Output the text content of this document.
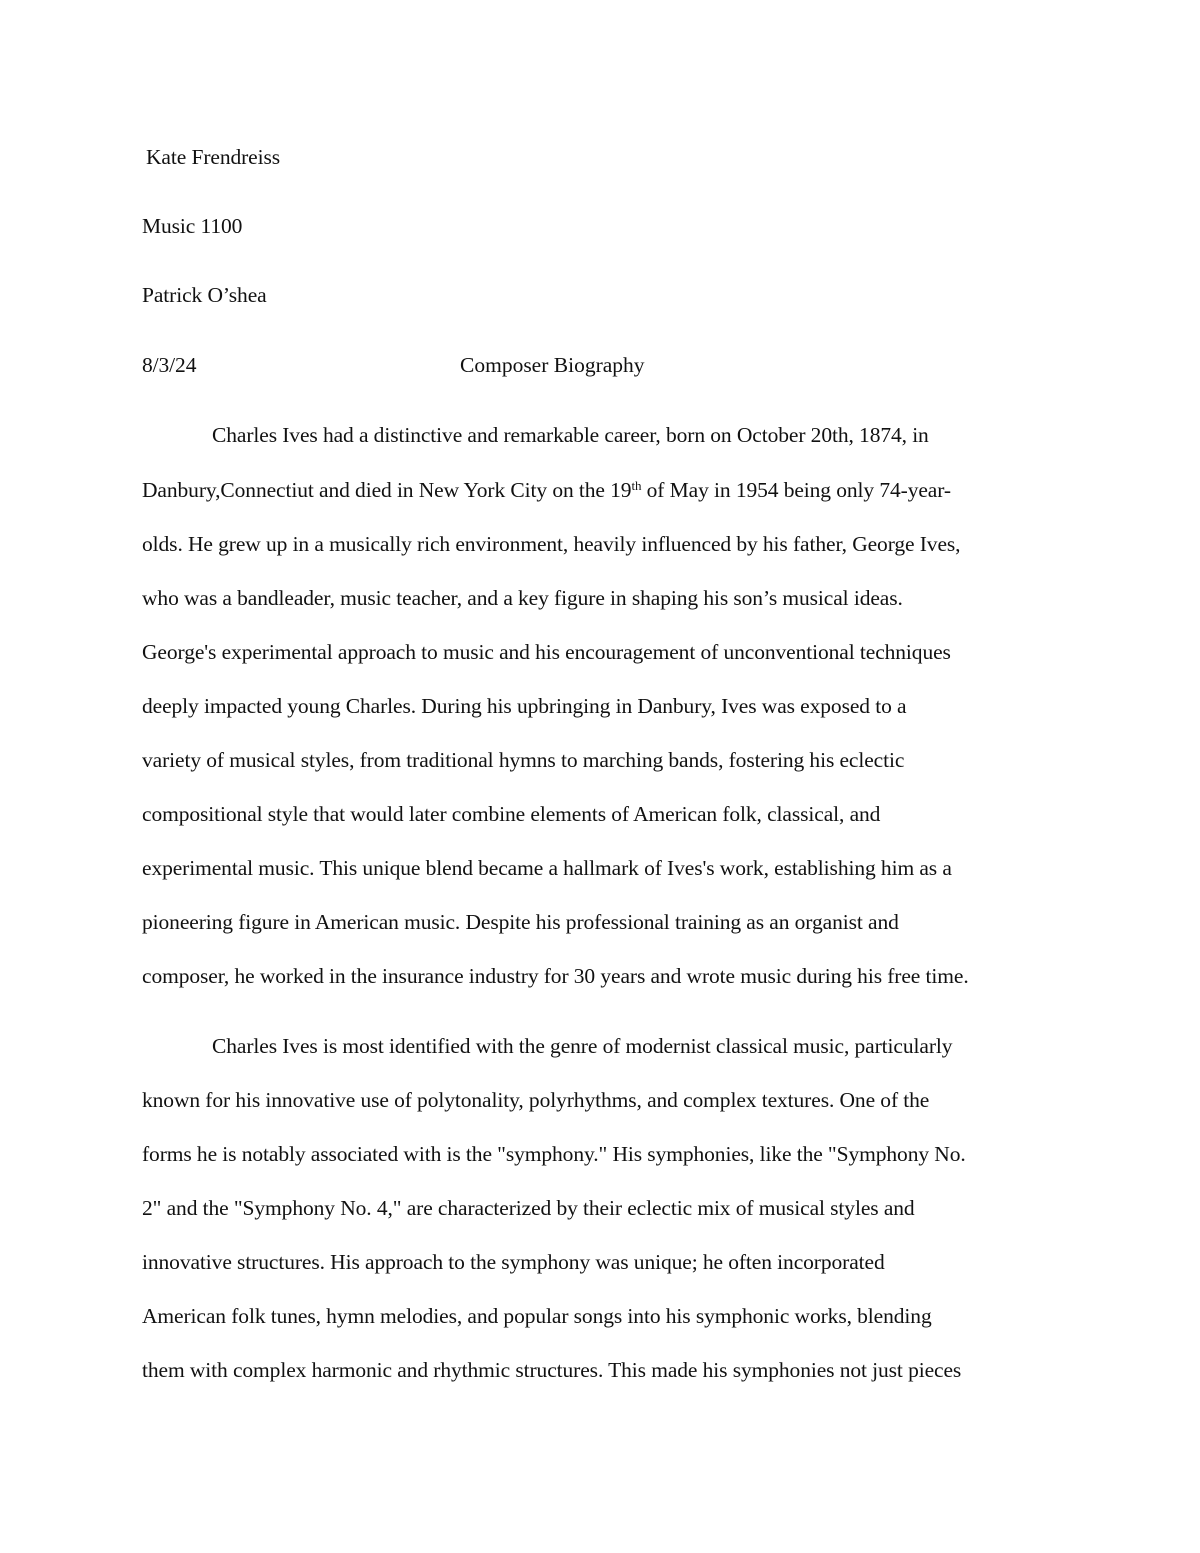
Kate Frendreiss
Music 1100
Patrick O’shea
8/3/24	Composer Biography
Charles Ives had a distinctive and remarkable career, born on October 20th, 1874, in
Danbury,Connectiut and died in New York City on the 19th of May in 1954 being only 74-year-
olds. He grew up in a musically rich environment, heavily influenced by his father, George Ives,
who was a bandleader, music teacher, and a key figure in shaping his son’s musical ideas.
George's experimental approach to music and his encouragement of unconventional techniques
deeply impacted young Charles. During his upbringing in Danbury, Ives was exposed to a
variety of musical styles, from traditional hymns to marching bands, fostering his eclectic
compositional style that would later combine elements of American folk, classical, and
experimental music. This unique blend became a hallmark of Ives's work, establishing him as a
pioneering figure in American music. Despite his professional training as an organist and
composer, he worked in the insurance industry for 30 years and wrote music during his free time.
Charles Ives is most identified with the genre of modernist classical music, particularly
known for his innovative use of polytonality, polyrhythms, and complex textures. One of the
forms he is notably associated with is the "symphony." His symphonies, like the "Symphony No.
2" and the "Symphony No. 4," are characterized by their eclectic mix of musical styles and
innovative structures. His approach to the symphony was unique; he often incorporated
American folk tunes, hymn melodies, and popular songs into his symphonic works, blending
them with complex harmonic and rhythmic structures. This made his symphonies not just pieces
